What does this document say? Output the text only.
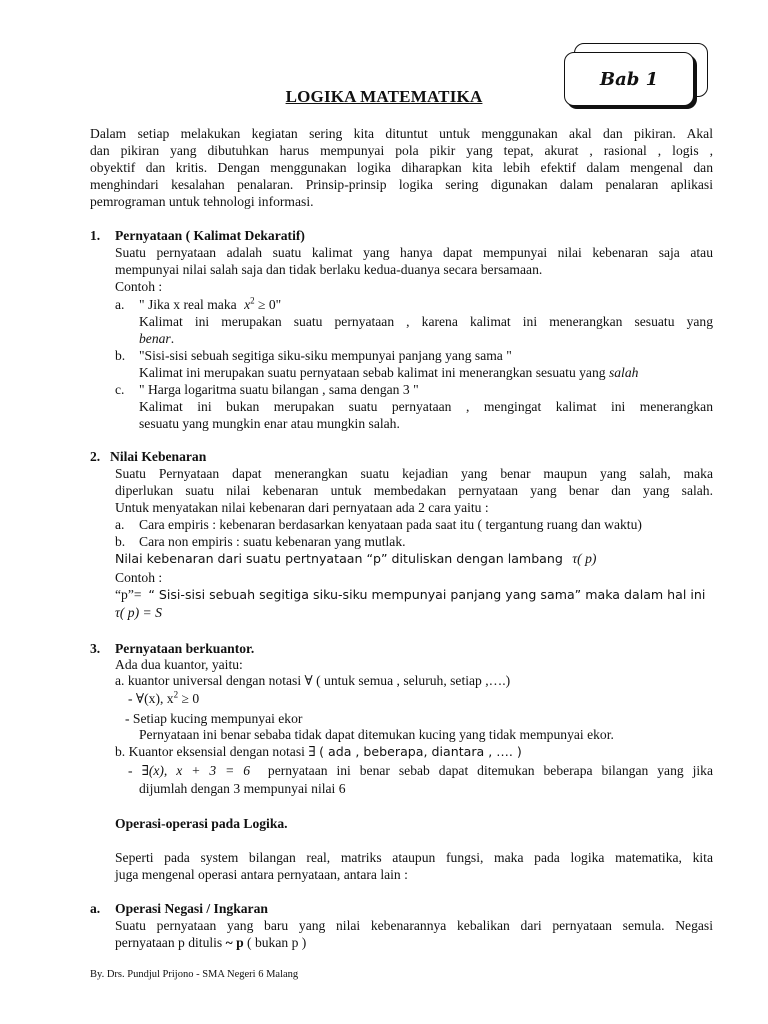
Bab 1
LOGIKA MATEMATIKA
Dalam setiap melakukan kegiatan sering kita dituntut untuk menggunakan akal dan pikiran. Akal
dan pikiran yang dibutuhkan harus mempunyai pola pikir yang tepat, akurat , rasional , logis ,
obyektif dan kritis. Dengan menggunakan logika diharapkan kita lebih efektif dalam mengenal dan
menghindari kesalahan penalaran. Prinsip-prinsip logika sering digunakan dalam penalaran aplikasi
pemrograman untuk tehnologi informasi.
1. Pernyataan ( Kalimat Dekaratif)
Suatu pernyataan adalah suatu kalimat yang hanya dapat mempunyai nilai kebenaran saja atau
mempunyai nilai salah saja dan tidak berlaku kedua-duanya secara bersamaan.
Contoh :
a. " Jika x real maka $x^2 \ge 0$"
Kalimat ini merupakan suatu pernyataan , karena kalimat ini menerangkan sesuatu yang
benar.
b. "Sisi-sisi sebuah segitiga siku-siku mempunyai panjang yang sama "
Kalimat ini merupakan suatu pernyataan sebab kalimat ini menerangkan sesuatu yang salah
c. " Harga logaritma suatu bilangan , sama dengan 3 "
Kalimat ini bukan merupakan suatu pernyataan , mengingat kalimat ini menerangkan
sesuatu yang mungkin enar atau mungkin salah.
2. Nilai Kebenaran
Suatu Pernyataan dapat menerangkan suatu kejadian yang benar maupun yang salah, maka
diperlukan suatu nilai kebenaran untuk membedakan pernyataan yang benar dan yang salah.
Untuk menyatakan nilai kebenaran dari pernyataan ada 2 cara yaitu :
a. Cara empiris : kebenaran berdasarkan kenyataan pada saat itu ( tergantung ruang dan waktu)
b. Cara non empiris : suatu kebenaran yang mutlak.
Nilai kebenaran dari suatu pertnyataan “p” dituliskan dengan lambang τ( p)
Contoh :
“p”= “ Sisi-sisi sebuah segitiga siku-siku mempunyai panjang yang sama” maka dalam hal ini
τ( p) = S
3. Pernyataan berkuantor.
Ada dua kuantor, yaitu:
a. kuantor universal dengan notasi ∀ ( untuk semua , seluruh, setiap ,….)
- ∀(x), $x^2 \ge 0$
- Setiap kucing mempunyai ekor
Pernyataan ini benar sebaba tidak dapat ditemukan kucing yang tidak mempunyai ekor.
b. Kuantor eksensial dengan notasi ∃ ( ada , beberapa, diantara , …. )
- ∃(x), x + 3 = 6 pernyataan ini benar sebab dapat ditemukan beberapa bilangan yang jika
dijumlah dengan 3 mempunyai nilai 6
Operasi-operasi pada Logika.
Seperti pada system bilangan real, matriks ataupun fungsi, maka pada logika matematika, kita
juga mengenal operasi antara pernyataan, antara lain :
a. Operasi Negasi / Ingkaran
Suatu pernyataan yang baru yang nilai kebenarannya kebalikan dari pernyataan semula. Negasi
pernyataan p ditulis ~ p ( bukan p )
By. Drs. Pundjul Prijono - SMA Negeri 6 Malang
